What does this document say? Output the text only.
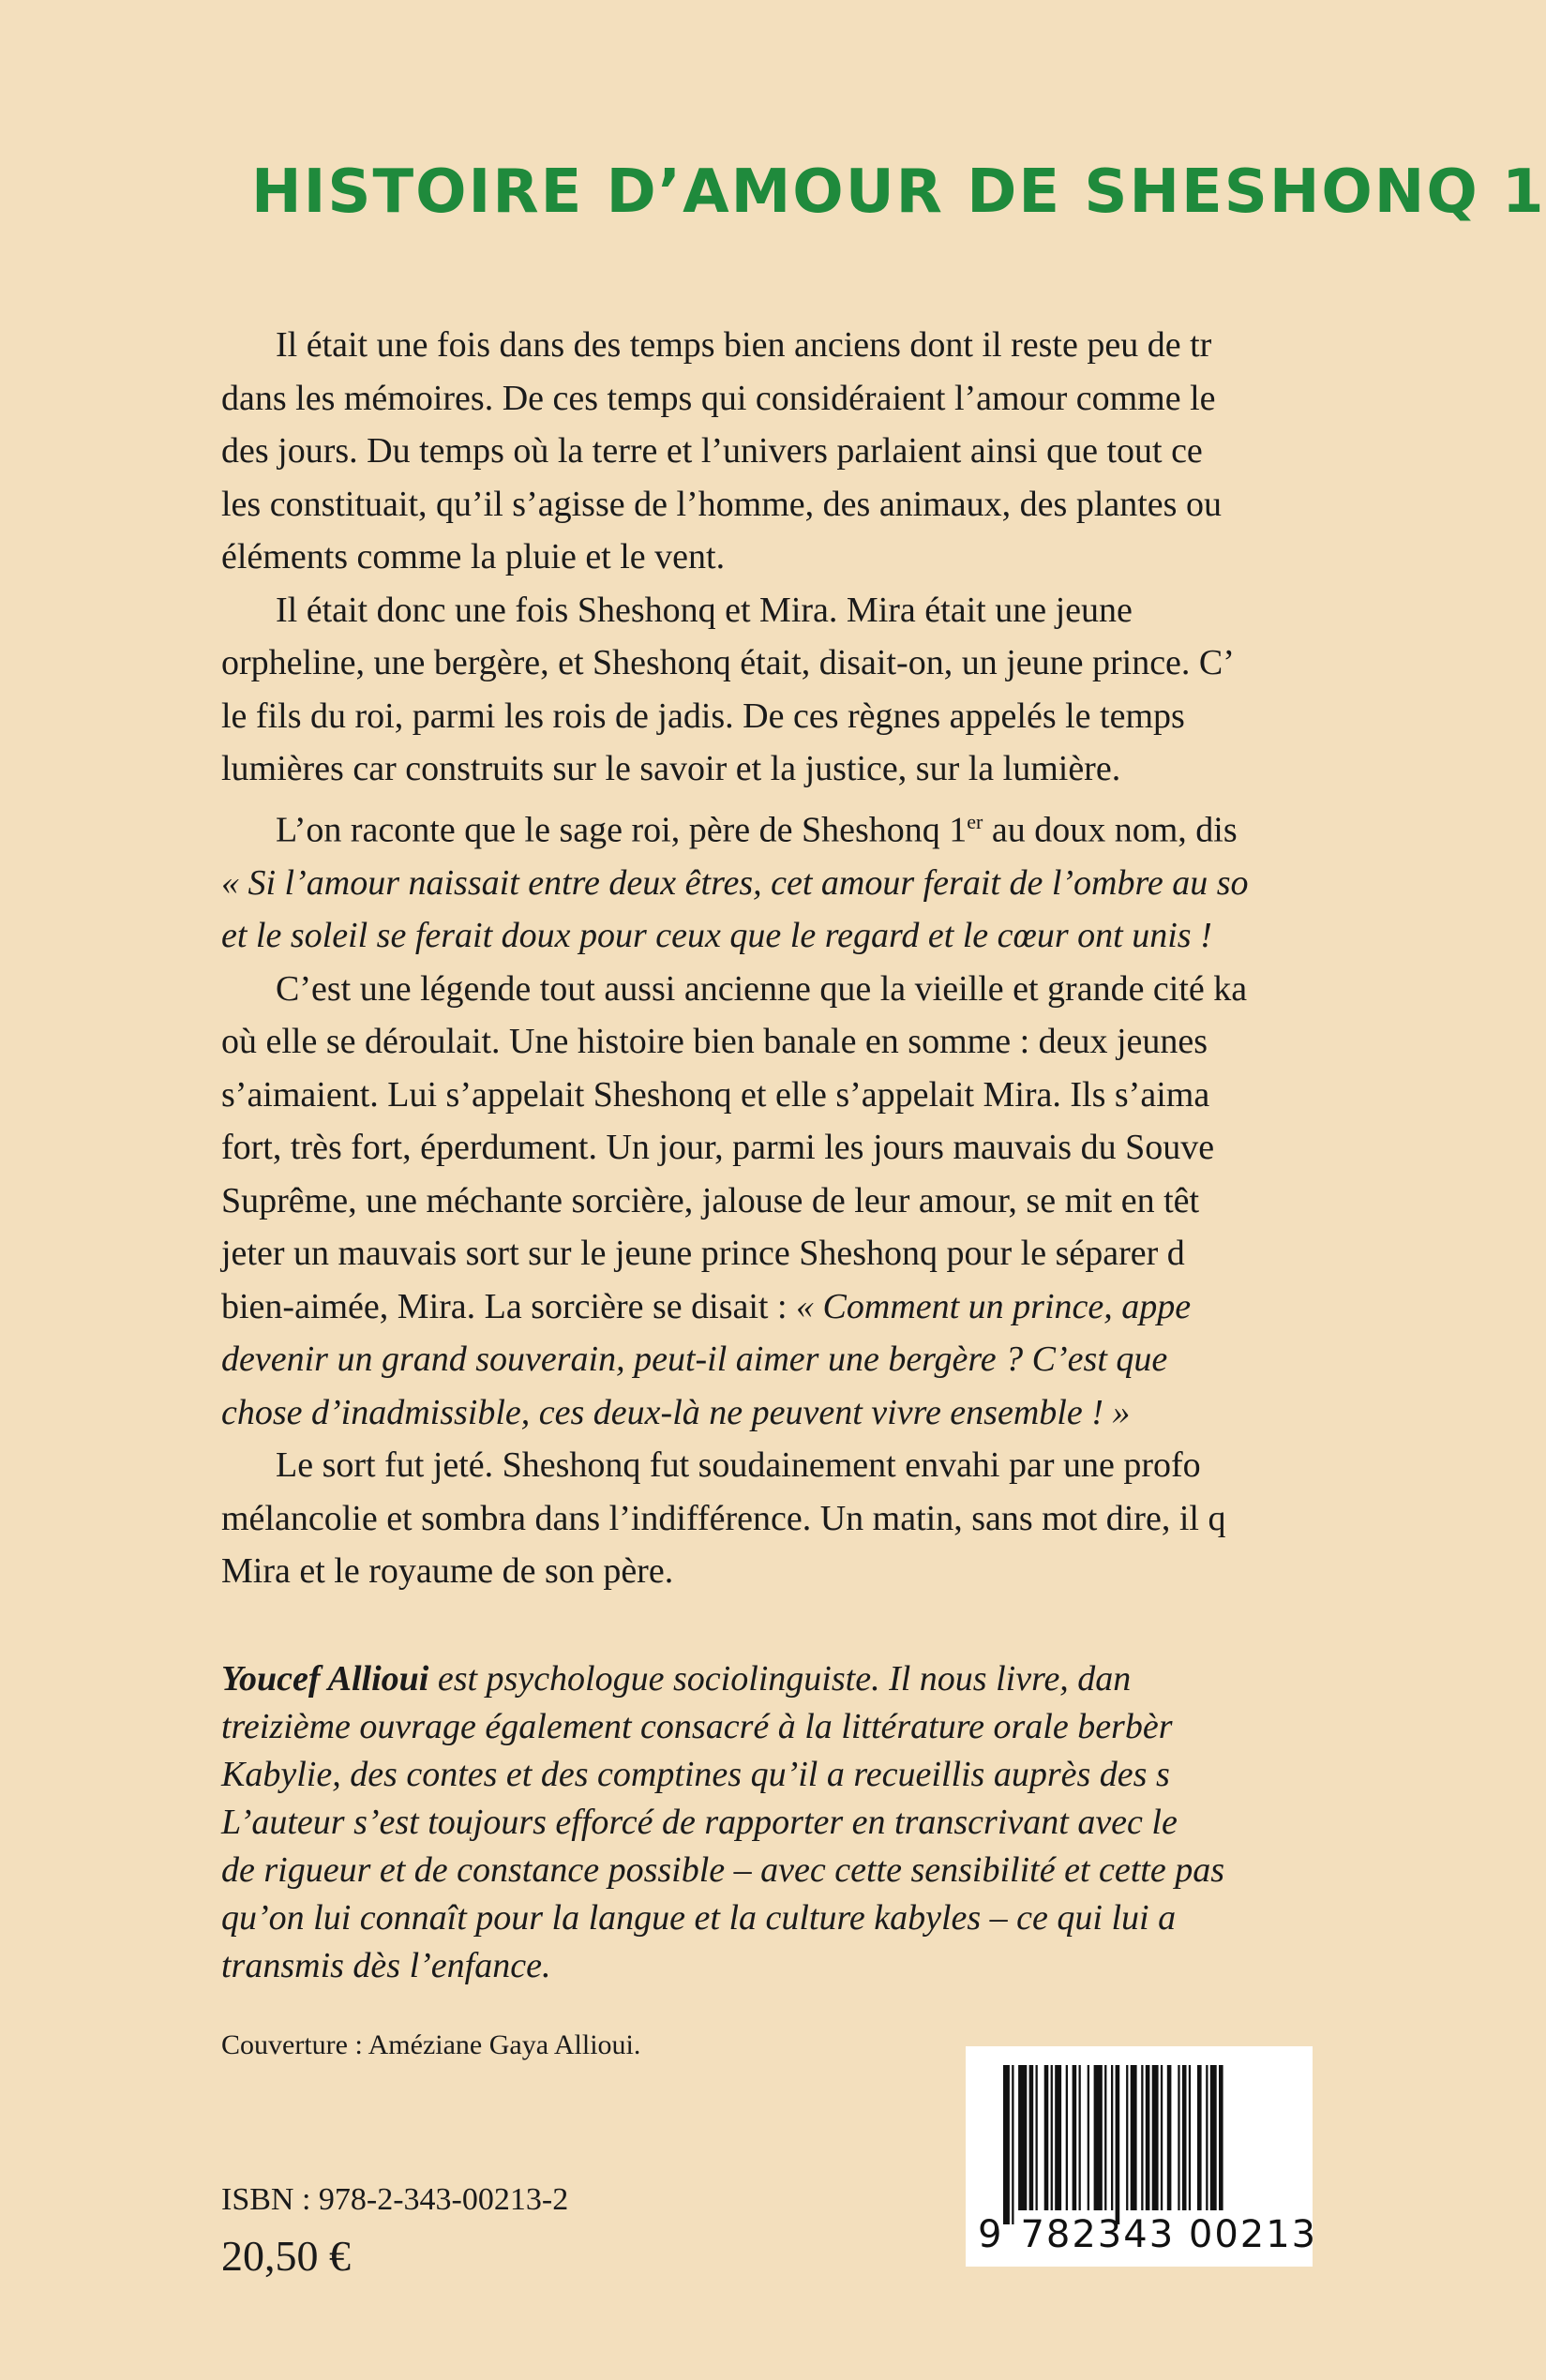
HISTOIRE D’AMOUR DE SHESHONQ 1
Il était une fois dans des temps bien anciens dont il reste peu de tr
dans les mémoires. De ces temps qui considéraient l’amour comme le
des jours. Du temps où la terre et l’univers parlaient ainsi que tout ce
les constituait, qu’il s’agisse de l’homme, des animaux, des plantes ou
éléments comme la pluie et le vent.
Il était donc une fois Sheshonq et Mira. Mira était une jeune
orpheline, une bergère, et Sheshonq était, disait-on, un jeune prince. C’
le fils du roi, parmi les rois de jadis. De ces règnes appelés le temps
lumières car construits sur le savoir et la justice, sur la lumière.
L’on raconte que le sage roi, père de Sheshonq 1er au doux nom, dis
« Si l’amour naissait entre deux êtres, cet amour ferait de l’ombre au so
et le soleil se ferait doux pour ceux que le regard et le cœur ont unis !
C’est une légende tout aussi ancienne que la vieille et grande cité ka
où elle se déroulait. Une histoire bien banale en somme : deux jeunes
s’aimaient. Lui s’appelait Sheshonq et elle s’appelait Mira. Ils s’aima
fort, très fort, éperdument. Un jour, parmi les jours mauvais du Souve
Suprême, une méchante sorcière, jalouse de leur amour, se mit en têt
jeter un mauvais sort sur le jeune prince Sheshonq pour le séparer d
bien-aimée, Mira. La sorcière se disait : « Comment un prince, appe
devenir un grand souverain, peut-il aimer une bergère ? C’est que
chose d’inadmissible, ces deux-là ne peuvent vivre ensemble ! »
Le sort fut jeté. Sheshonq fut soudainement envahi par une profo
mélancolie et sombra dans l’indifférence. Un matin, sans mot dire, il q
Mira et le royaume de son père.
Youcef Allioui est psychologue sociolinguiste. Il nous livre, dan
treizième ouvrage également consacré à la littérature orale berbèr
Kabylie, des contes et des comptines qu’il a recueillis auprès des s
L’auteur s’est toujours efforcé de rapporter en transcrivant avec le
de rigueur et de constance possible – avec cette sensibilité et cette pas
qu’on lui connaît pour la langue et la culture kabyles – ce qui lui a
transmis dès l’enfance.
Couverture : Améziane Gaya Allioui.
ISBN : 978-2-343-00213-2
20,50 €	9 782343 00213
